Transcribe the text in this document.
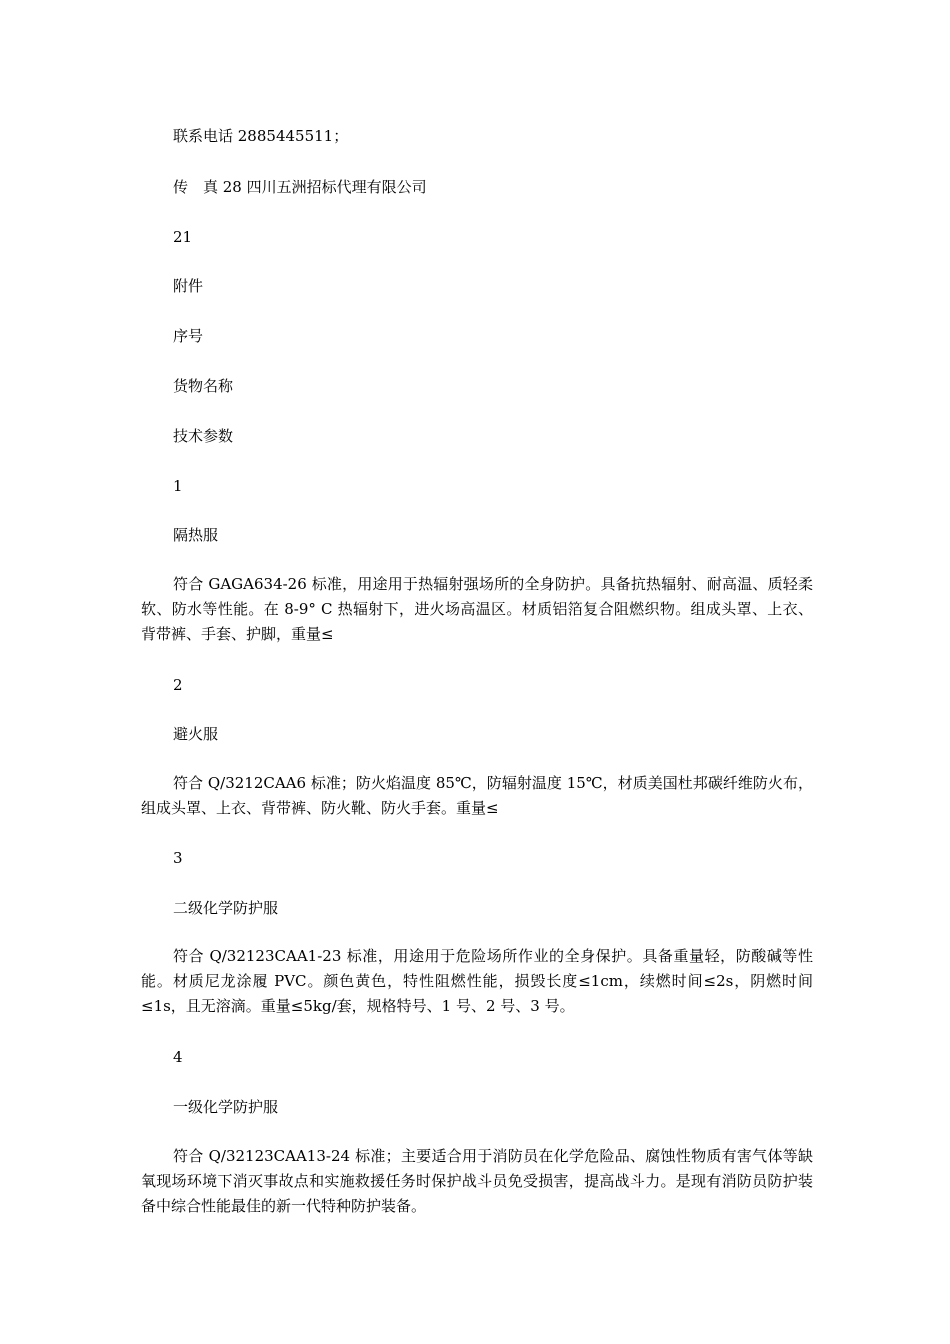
联系电话 2885445511；

传　真 28 四川五洲招标代理有限公司

21

附件

序号

货物名称

技术参数

1

隔热服

符合 GAGA634-26 标准，用途用于热辐射强场所的全身防护。具备抗热辐射、耐高温、质轻柔软、防水等性能。在 8-9° C 热辐射下，进火场高温区。材质铝箔复合阻燃织物。组成头罩、上衣、背带裤、手套、护脚，重量≤

2

避火服

符合 Q/3212CAA6 标准；防火焰温度 85℃，防辐射温度 15℃，材质美国杜邦碳纤维防火布，组成头罩、上衣、背带裤、防火靴、防火手套。重量≤

3

二级化学防护服

符合 Q/32123CAA1-23 标准，用途用于危险场所作业的全身保护。具备重量轻，防酸碱等性能。材质尼龙涂履 PVC。颜色黄色，特性阻燃性能，损毁长度≤1cm，续燃时间≤2s，阴燃时间≤1s，且无溶滴。重量≤5kg/套，规格特号、1 号、2 号、3 号。

4

一级化学防护服

符合 Q/32123CAA13-24 标准；主要适合用于消防员在化学危险品、腐蚀性物质有害气体等缺氧现场环境下消灭事故点和实施救援任务时保护战斗员免受损害，提高战斗力。是现有消防员防护装备中综合性能最佳的新一代特种防护装备。
